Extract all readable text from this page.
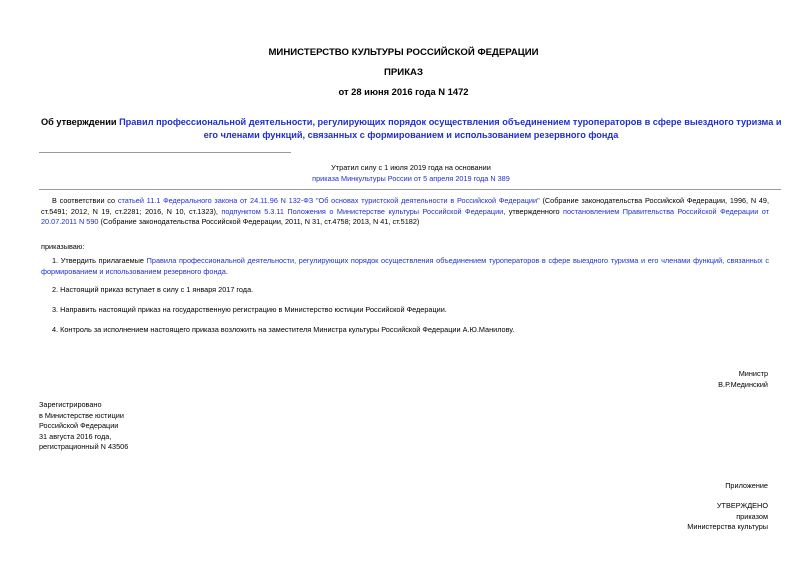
МИНИСТЕРСТВО КУЛЬТУРЫ РОССИЙСКОЙ ФЕДЕРАЦИИ
ПРИКАЗ
от 28 июня 2016 года N 1472
Об утверждении Правил профессиональной деятельности, регулирующих порядок осуществления объединением туроператоров в сфере выездного туризма и
его членами функций, связанных с формированием и использованием резервного фонда
Утратил силу с 1 июля 2019 года на основании
приказа Минкультуры России от 5 апреля 2019 года N 389
В соответствии со статьей 11.1 Федерального закона от 24.11.96 N 132-ФЗ "Об основах туристской деятельности в Российской Федерации" (Собрание законодательства Российской Федерации, 1996, N 49, ст.5491; 2012, N 19, ст.2281; 2016, N 10, ст.1323), подпунктом 5.3.11 Положения о Министерстве культуры Российской Федерации, утвержденного постановлением Правительства Российской Федерации от 20.07.2011 N 590 (Собрание законодательства Российской Федерации, 2011, N 31, ст.4758; 2013, N 41, ст.5182)
приказываю:
1. Утвердить прилагаемые Правила профессиональной деятельности, регулирующих порядок осуществления объединением туроператоров в сфере выездного туризма и его членами функций, связанных с формированием и использованием резервного фонда.
2. Настоящий приказ вступает в силу с 1 января 2017 года.
3. Направить настоящий приказ на государственную регистрацию в Министерство юстиции Российской Федерации.
4. Контроль за исполнением настоящего приказа возложить на заместителя Министра культуры Российской Федерации А.Ю.Манилову.
Министр
В.Р.Мединский
Зарегистрировано
в Министерстве юстиции
Российской Федерации
31 августа 2016 года,
регистрационный N 43506
Приложение
УТВЕРЖДЕНО
приказом
Министерства культуры
